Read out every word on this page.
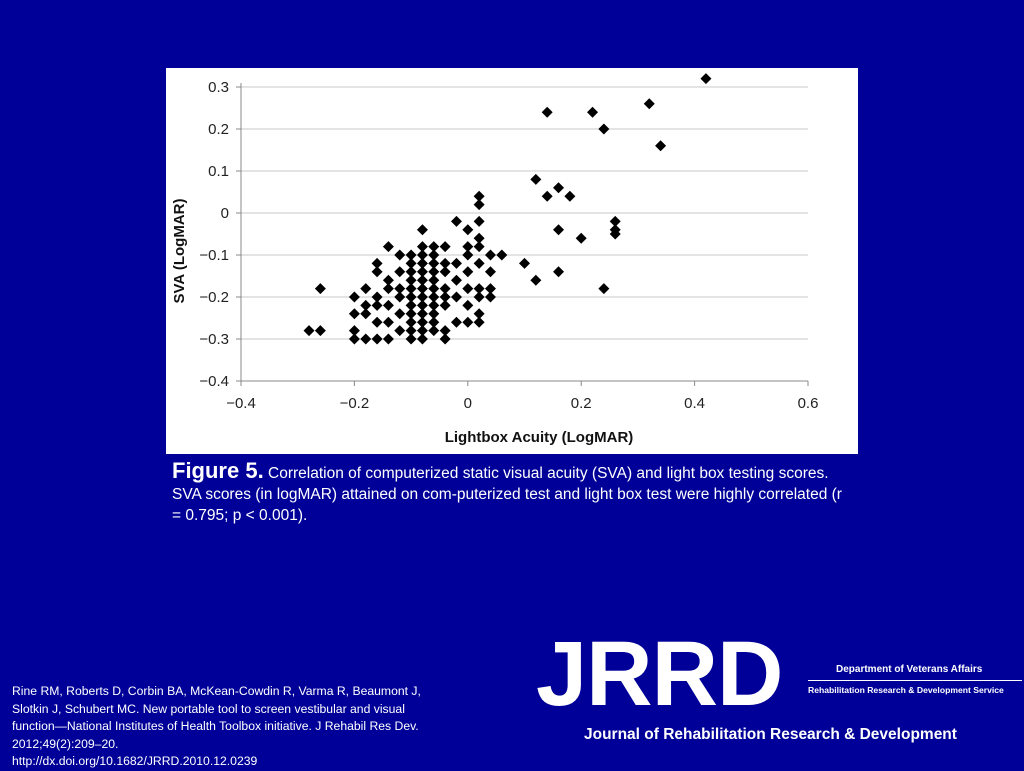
0.3
0.2
0.1
0
−0.1
−0.2
−0.3
−0.4
−0.4	−0.2	0	0.2	0.4	0.6
Lightbox Acuity (LogMAR)
SVA (LogMAR)
Figure 5. Correlation of computerized static visual acuity (SVA) and light box testing scores. SVA scores (in logMAR) attained on com-puterized test and light box test were highly correlated (r = 0.795; p < 0.001).
Rine RM, Roberts D, Corbin BA, McKean-Cowdin R, Varma R, Beaumont J,
Slotkin J, Schubert MC. New portable tool to screen vestibular and visual
function—National Institutes of Health Toolbox initiative. J Rehabil Res Dev.
2012;49(2):209–20.
http://dx.doi.org/10.1682/JRRD.2010.12.0239
JRRD
Journal of Rehabilitation Research & Development
Department of Veterans Affairs
Rehabilitation Research & Development Service
